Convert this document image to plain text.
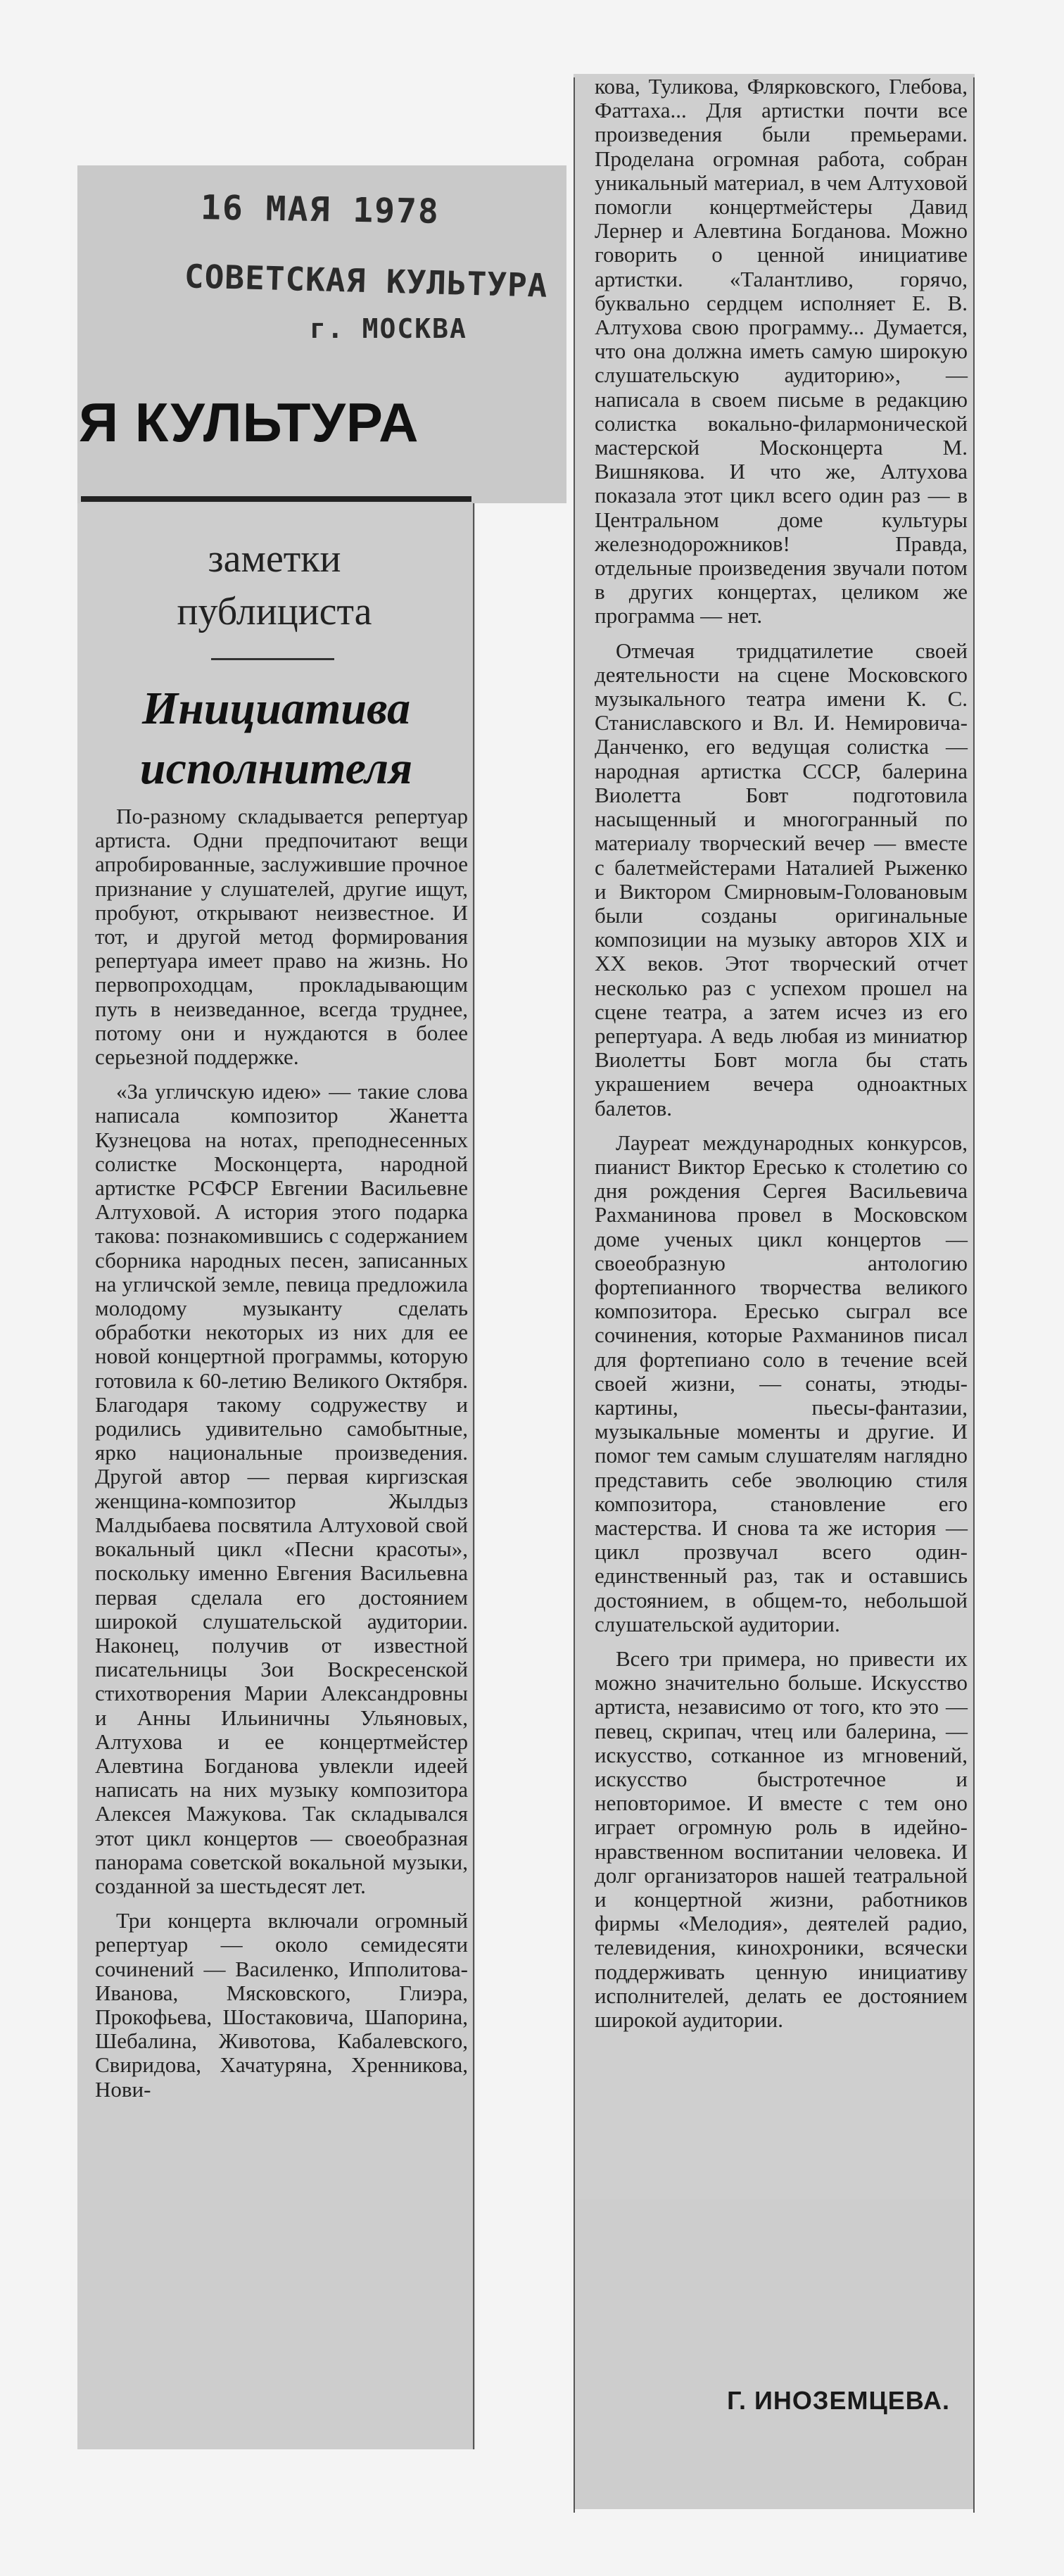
16 МАЯ 1978
СОВЕТСКАЯ КУЛЬТУРА
г. МОСКВА
Я КУЛЬТУРА
заметки
публициста
Инициатива
исполнителя

По-разному складывается репертуар артиста. Одни предпочитают вещи апробированные, заслужившие прочное признание у слушателей, другие ищут, пробуют, открывают неизвестное. И тот, и другой метод формирования репертуара имеет право на жизнь. Но первопроходцам, прокладывающим путь в неизведанное, всегда труднее, потому они и нуждаются в более серьезной поддержке.

«За угличскую идею» — такие слова написала композитор Жанетта Кузнецова на нотах, преподнесенных солистке Москонцерта, народной артистке РСФСР Евгении Васильевне Алтуховой. А история этого подарка такова: познакомившись с содержанием сборника народных песен, записанных на угличской земле, певица предложила молодому музыканту сделать обработки некоторых из них для ее новой концертной программы, которую готовила к 60-летию Великого Октября. Благодаря такому содружеству и родились удивительно самобытные, ярко национальные произведения. Другой автор — первая киргизская женщина-композитор Жылдыз Малдыбаева посвятила Алтуховой свой вокальный цикл «Песни красоты», поскольку именно Евгения Васильевна первая сделала его достоянием широкой слушательской аудитории. Наконец, получив от известной писательницы Зои Воскресенской стихотворения Марии Александровны и Анны Ильиничны Ульяновых, Алтухова и ее концертмейстер Алевтина Богданова увлекли идеей написать на них музыку композитора Алексея Мажукова. Так складывался этот цикл концертов — своеобразная панорама советской вокальной музыки, созданной за шестьдесят лет.

Три концерта включали огромный репертуар — около семидесяти сочинений — Василенко, Ипполитова-Иванова, Мясковского, Глиэра, Прокофьева, Шостаковича, Шапорина, Шебалина, Животова, Кабалевского, Свиридова, Хачатуряна, Хренникова, Нови-

кова, Туликова, Флярковского, Глебова, Фаттаха... Для артистки почти все произведения были премьерами. Проделана огромная работа, собран уникальный материал, в чем Алтуховой помогли концертмейстеры Давид Лернер и Алевтина Богданова. Можно говорить о ценной инициативе артистки. «Талантливо, горячо, буквально сердцем исполняет Е. В. Алтухова свою программу... Думается, что она должна иметь самую широкую слушательскую аудиторию», — написала в своем письме в редакцию солистка вокально-филармонической мастерской Москонцерта М. Вишнякова. И что же, Алтухова показала этот цикл всего один раз — в Центральном доме культуры железнодорожников! Правда, отдельные произведения звучали потом в других концертах, целиком же программа — нет.

Отмечая тридцатилетие своей деятельности на сцене Московского музыкального театра имени К. С. Станиславского и Вл. И. Немировича-Данченко, его ведущая солистка — народная артистка СССР, балерина Виолетта Бовт подготовила насыщенный и многогранный по материалу творческий вечер — вместе с балетмейстерами Наталией Рыженко и Виктором Смирновым-Головановым были созданы оригинальные композиции на музыку авторов XIX и XX веков. Этот творческий отчет несколько раз с успехом прошел на сцене театра, а затем исчез из его репертуара. А ведь любая из миниатюр Виолетты Бовт могла бы стать украшением вечера одноактных балетов.

Лауреат международных конкурсов, пианист Виктор Ересько к столетию со дня рождения Сергея Васильевича Рахманинова провел в Московском доме ученых цикл концертов — своеобразную антологию фортепианного творчества великого композитора. Ересько сыграл все сочинения, которые Рахманинов писал для фортепиано соло в течение всей своей жизни, — сонаты, этюды-картины, пьесы-фантазии, музыкальные моменты и другие. И помог тем самым слушателям наглядно представить себе эволюцию стиля композитора, становление его мастерства. И снова та же история — цикл прозвучал всего один-единственный раз, так и оставшись достоянием, в общем-то, небольшой слушательской аудитории.

Всего три примера, но привести их можно значительно больше. Искусство артиста, независимо от того, кто это — певец, скрипач, чтец или балерина, — искусство, сотканное из мгновений, искусство быстротечное и неповторимое. И вместе с тем оно играет огромную роль в идейно-нравственном воспитании человека. И долг организаторов нашей театральной и концертной жизни, работников фирмы «Мелодия», деятелей радио, телевидения, кинохроники, всячески поддерживать ценную инициативу исполнителей, делать ее достоянием широкой аудитории.

Г. ИНОЗЕМЦЕВА.
